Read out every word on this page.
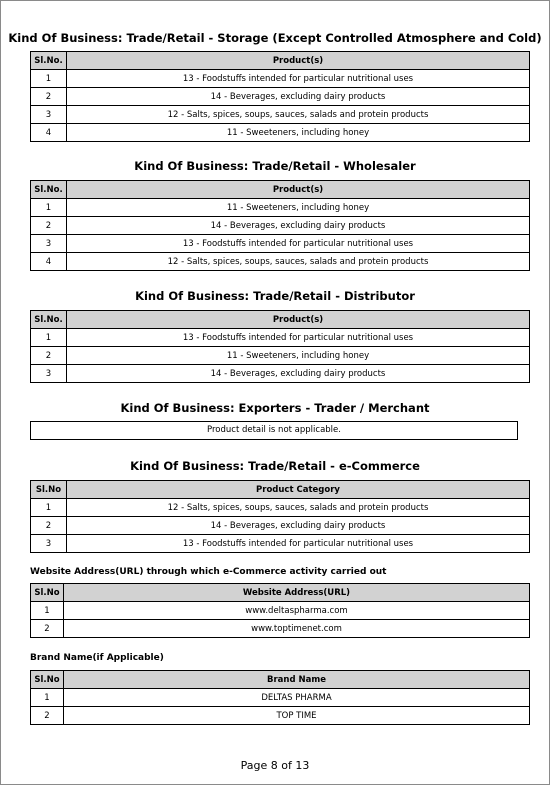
Kind Of Business: Trade/Retail - Storage (Except Controlled Atmosphere and Cold)
Sl.No.	Product(s)
1	13 - Foodstuffs intended for particular nutritional uses
2	14 - Beverages, excluding dairy products
3	12 - Salts, spices, soups, sauces, salads and protein products
4	11 - Sweeteners, including honey
Kind Of Business: Trade/Retail - Wholesaler
Sl.No.	Product(s)
1	11 - Sweeteners, including honey
2	14 - Beverages, excluding dairy products
3	13 - Foodstuffs intended for particular nutritional uses
4	12 - Salts, spices, soups, sauces, salads and protein products
Kind Of Business: Trade/Retail - Distributor
Sl.No.	Product(s)
1	13 - Foodstuffs intended for particular nutritional uses
2	11 - Sweeteners, including honey
3	14 - Beverages, excluding dairy products
Kind Of Business: Exporters - Trader / Merchant
Product detail is not applicable.
Kind Of Business: Trade/Retail - e-Commerce
Sl.No	Product Category
1	12 - Salts, spices, soups, sauces, salads and protein products
2	14 - Beverages, excluding dairy products
3	13 - Foodstuffs intended for particular nutritional uses
Website Address(URL) through which e-Commerce activity carried out
Sl.No	Website Address(URL)
1	www.deltaspharma.com
2	www.toptimenet.com
Brand Name(if Applicable)
Sl.No	Brand Name
1	DELTAS PHARMA
2	TOP TIME
Page 8 of 13
